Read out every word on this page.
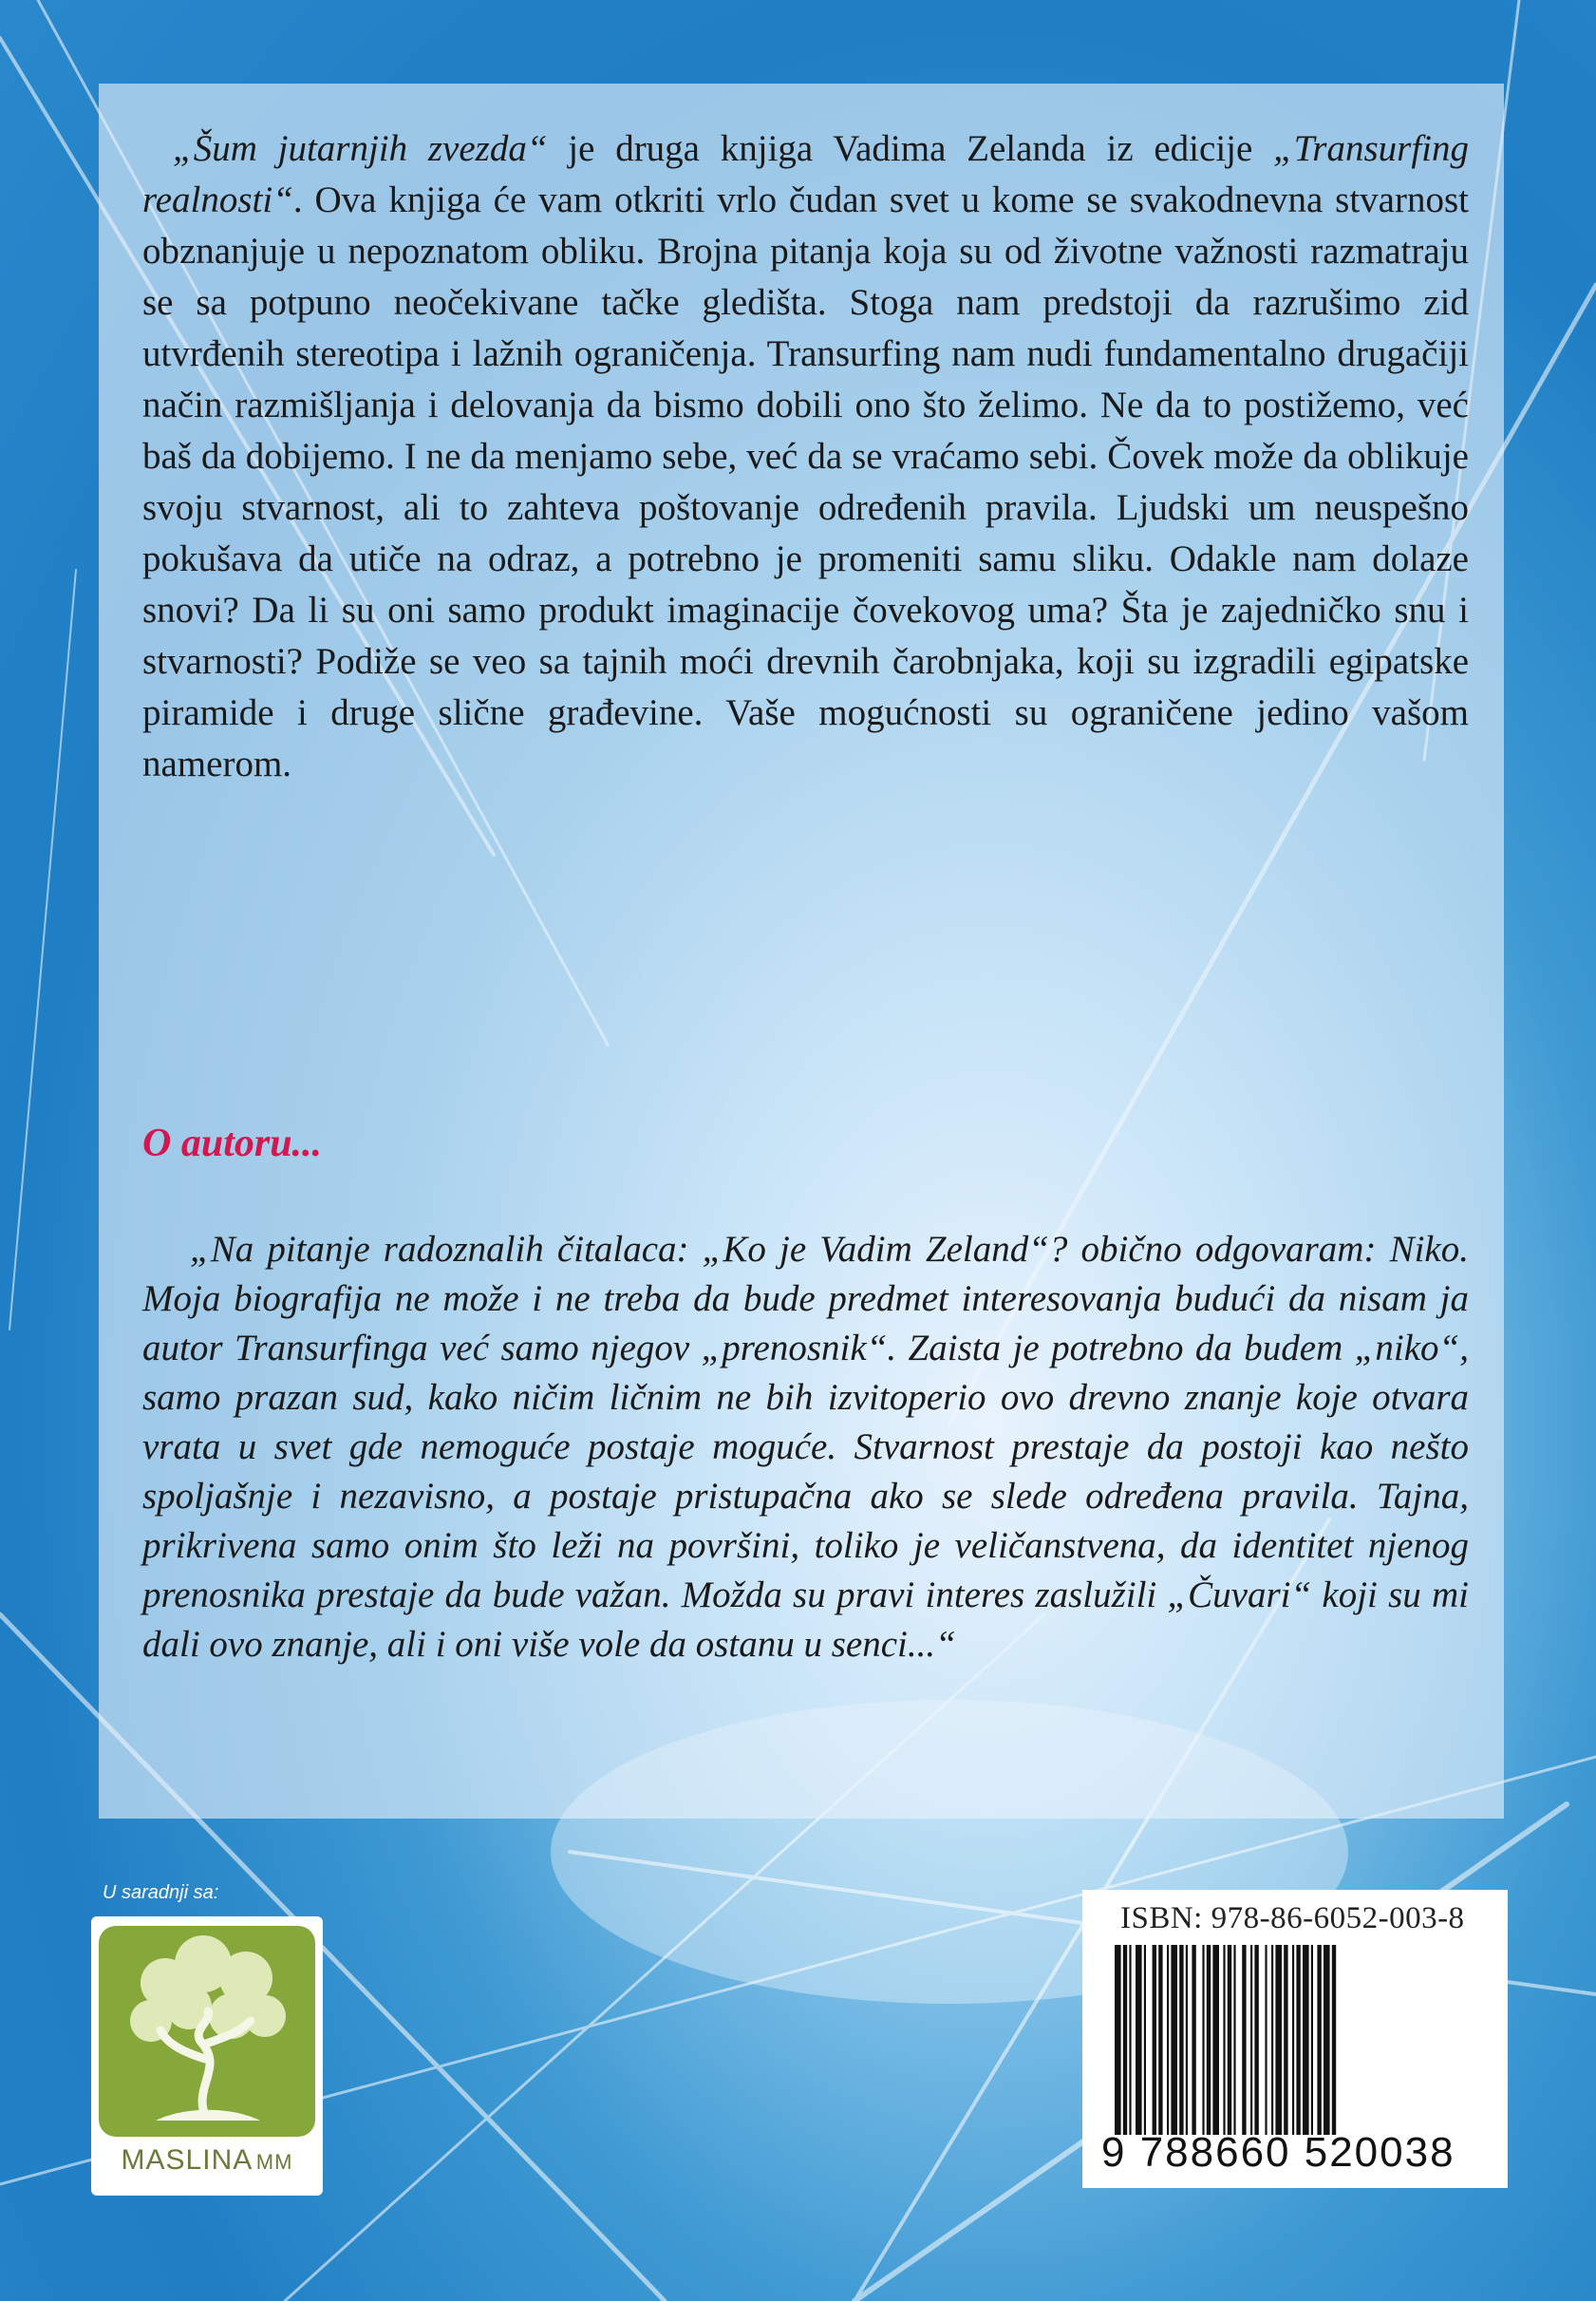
„Šum jutarnjih zvezda“ je druga knjiga Vadima Zelanda iz edicije „Transurfing realnosti“. Ova knjiga će vam otkriti vrlo čudan svet u kome se svakodnevna stvarnost obznanjuje u nepoznatom obliku. Brojna pitanja koja su od životne važnosti razmatraju se sa potpuno neočekivane tačke gledišta. Stoga nam predstoji da razrušimo zid utvrđenih stereotipa i lažnih ograničenja. Transurfing nam nudi fundamentalno drugačiji način razmišljanja i delovanja da bismo dobili ono što želimo. Ne da to postižemo, već baš da dobijemo. I ne da menjamo sebe, već da se vraćamo sebi. Čovek može da oblikuje svoju stvarnost, ali to zahteva poštovanje određenih pravila. Ljudski um neuspešno pokušava da utiče na odraz, a potrebno je promeniti samu sliku. Odakle nam dolaze snovi? Da li su oni samo produkt imaginacije čovekovog uma? Šta je zajedničko snu i stvarnosti? Podiže se veo sa tajnih moći drevnih čarobnjaka, koji su izgradili egipatske piramide i druge slične građevine. Vaše mogućnosti su ograničene jedino vašom namerom.

O autoru...

„Na pitanje radoznalih čitalaca: „Ko je Vadim Zeland“? obično odgovaram: Niko. Moja biografija ne može i ne treba da bude predmet interesovanja budući da nisam ja autor Transurfinga već samo njegov „prenosnik“. Zaista je potrebno da budem „niko“, samo prazan sud, kako ničim ličnim ne bih izvitoperio ovo drevno znanje koje otvara vrata u svet gde nemoguće postaje moguće. Stvarnost prestaje da postoji kao nešto spoljašnje i nezavisno, a postaje pristupačna ako se slede određena pravila. Tajna, prikrivena samo onim što leži na površini, toliko je veličanstvena, da identitet njenog prenosnika prestaje da bude važan. Možda su pravi interes zaslužili „Čuvari“ koji su mi dali ovo znanje, ali i oni više vole da ostanu u senci...“

U saradnji sa:
MASLINA  MM
ISBN: 978-86-6052-003-8
9 788660 520038
